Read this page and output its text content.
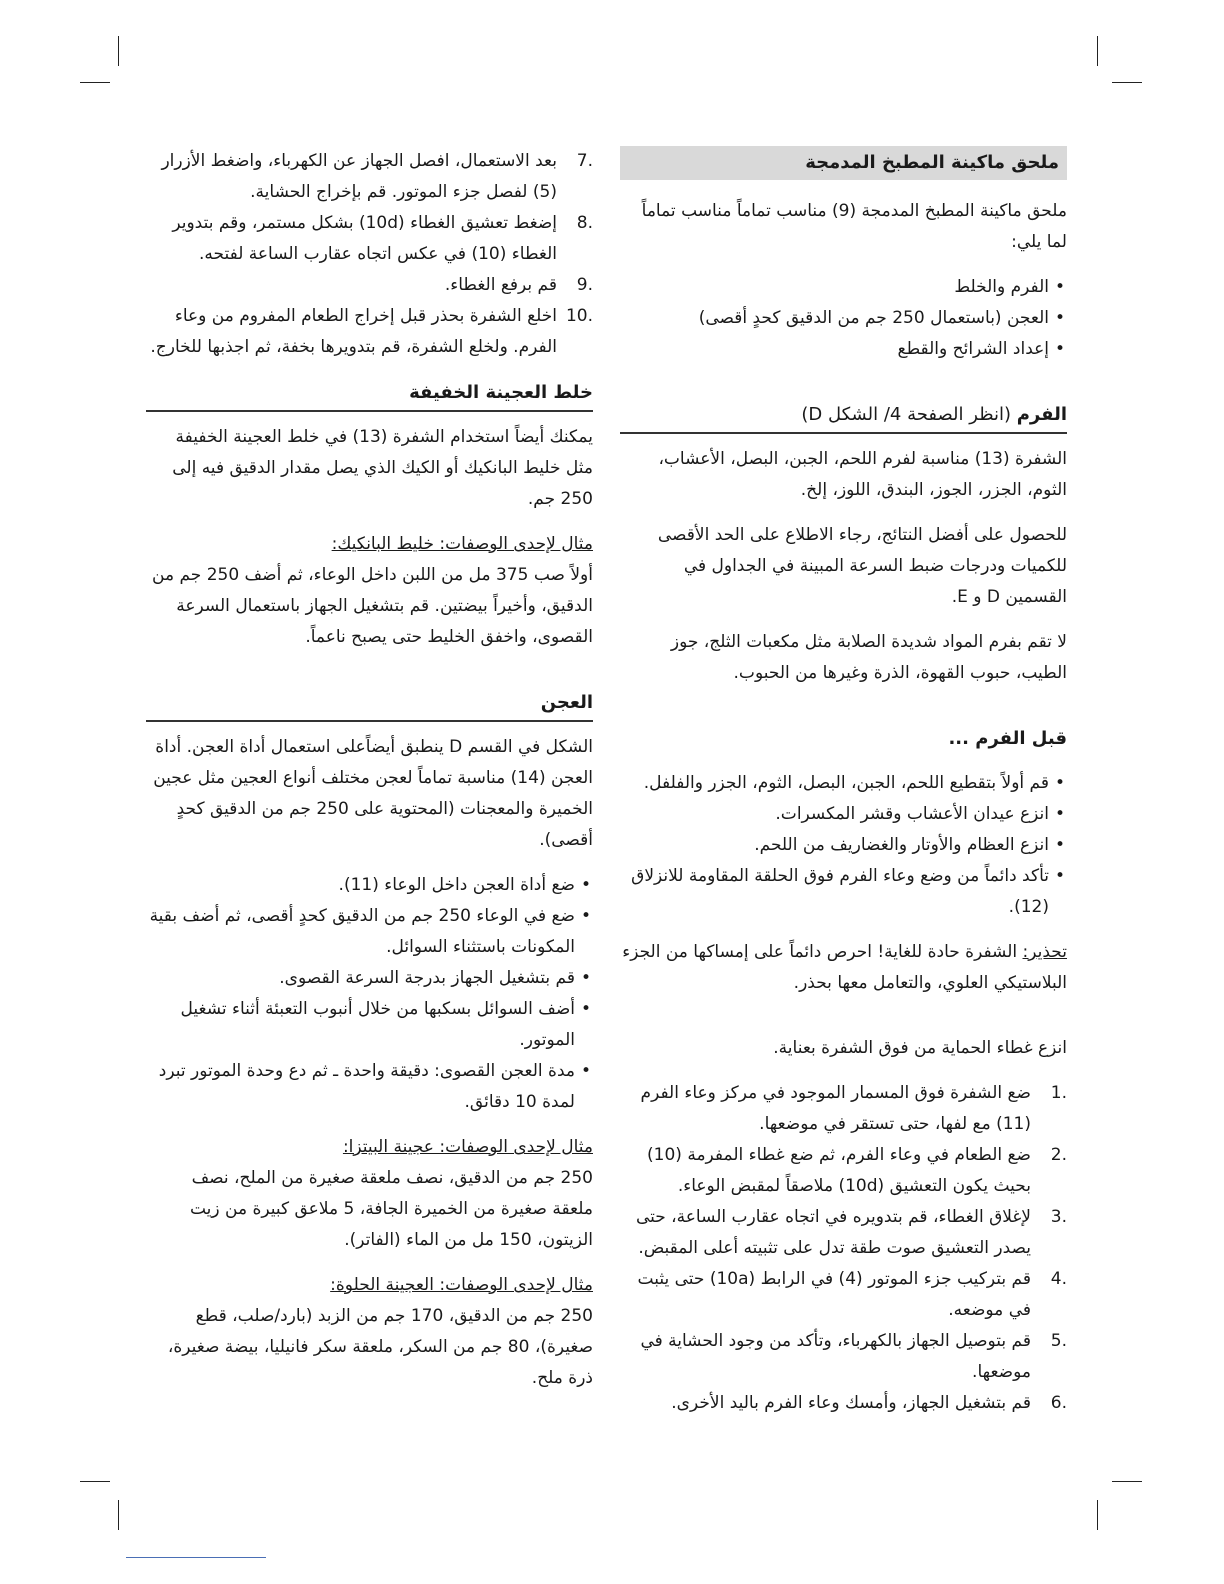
ملحق ماكينة المطبخ المدمجة

ملحق ماكينة المطبخ المدمجة (9) مناسب تماماً مناسب تماماً لما يلي:

• الفرم والخلط
• العجن (باستعمال 250 جم من الدقيق كحدٍ أقصى)
• إعداد الشرائح والقطع
الفرم (انظر الصفحة 4/ الشكل D)

الشفرة (13) مناسبة لفرم اللحم، الجبن، البصل، الأعشاب، الثوم، الجزر، الجوز، البندق، اللوز، إلخ.

للحصول على أفضل النتائج، رجاء الاطلاع على الحد الأقصى للكميات ودرجات ضبط السرعة المبينة في الجداول في القسمين D و E.

لا تقم بفرم المواد شديدة الصلابة مثل مكعبات الثلج، جوز الطيب، حبوب القهوة، الذرة وغيرها من الحبوب.

قبل الفرم ...
• قم أولاً بتقطيع اللحم، الجبن، البصل، الثوم، الجزر والفلفل.
• انزع عيدان الأعشاب وقشر المكسرات.
• انزع العظام والأوتار والغضاريف من اللحم.
• تأكد دائماً من وضع وعاء الفرم فوق الحلقة المقاومة للانزلاق (12).

تحذير: الشفرة حادة للغاية! احرص دائماً على إمساكها من الجزء البلاستيكي العلوي، والتعامل معها بحذر.

انزع غطاء الحماية من فوق الشفرة بعناية.

1.
ضع الشفرة فوق المسمار الموجود في مركز وعاء الفرم (11) مع لفها، حتى تستقر في موضعها.
2.
ضع الطعام في وعاء الفرم، ثم ضع غطاء المفرمة (10) بحيث يكون التعشيق (10d) ملاصقاً لمقبض الوعاء.
3.
لإغلاق الغطاء، قم بتدويره في اتجاه عقارب الساعة، حتى يصدر التعشيق صوت طقة تدل على تثبيته أعلى المقبض.
4.
قم بتركيب جزء الموتور (4) في الرابط (10a) حتى يثبت في موضعه.
5.
قم بتوصيل الجهاز بالكهرباء، وتأكد من وجود الحشاية في موضعها.
6.
قم بتشغيل الجهاز، وأمسك وعاء الفرم باليد الأخرى.
7.
بعد الاستعمال، افصل الجهاز عن الكهرباء، واضغط الأزرار (5) لفصل جزء الموتور. قم بإخراج الحشاية.
8.
إضغط تعشيق الغطاء (10d) بشكل مستمر، وقم بتدوير الغطاء (10) في عكس اتجاه عقارب الساعة لفتحه.
9.
قم برفع الغطاء.
10.
اخلع الشفرة بحذر قبل إخراج الطعام المفروم من وعاء الفرم. ولخلع الشفرة، قم بتدويرها بخفة، ثم اجذبها للخارج.
خلط العجينة الخفيفة

يمكنك أيضاً استخدام الشفرة (13) في خلط العجينة الخفيفة مثل خليط البانكيك أو الكيك الذي يصل مقدار الدقيق فيه إلى 250 جم.

مثال لإحدى الوصفات: خليط البانكيك:

أولاً صب 375 مل من اللبن داخل الوعاء، ثم أضف 250 جم من الدقيق، وأخيراً بيضتين. قم بتشغيل الجهاز باستعمال السرعة القصوى، واخفق الخليط حتى يصبح ناعماً.

العجن

الشكل في القسم D ينطبق أيضاًعلى استعمال أداة العجن. أداة العجن (14) مناسبة تماماً لعجن مختلف أنواع العجين مثل عجين الخميرة والمعجنات (المحتوية على 250 جم من الدقيق كحدٍ أقصى).

• ضع أداة العجن داخل الوعاء (11).
• ضع في الوعاء 250 جم من الدقيق كحدٍ أقصى، ثم أضف بقية المكونات باستثناء السوائل.
• قم بتشغيل الجهاز بدرجة السرعة القصوى.
• أضف السوائل بسكبها من خلال أنبوب التعبئة أثناء تشغيل الموتور.
• مدة العجن القصوى: دقيقة واحدة ـ ثم دع وحدة الموتور تبرد لمدة 10 دقائق.
مثال لإحدى الوصفات: عجينة البيتزا:

250 جم من الدقيق، نصف ملعقة صغيرة من الملح، نصف ملعقة صغيرة من الخميرة الجافة، 5 ملاعق كبيرة من زيت الزيتون، 150 مل من الماء (الفاتر).

مثال لإحدى الوصفات: العجينة الحلوة:

250 جم من الدقيق، 170 جم من الزبد (بارد/صلب، قطع صغيرة)، 80 جم من السكر، ملعقة سكر فانيليا، بيضة صغيرة، ذرة ملح.
